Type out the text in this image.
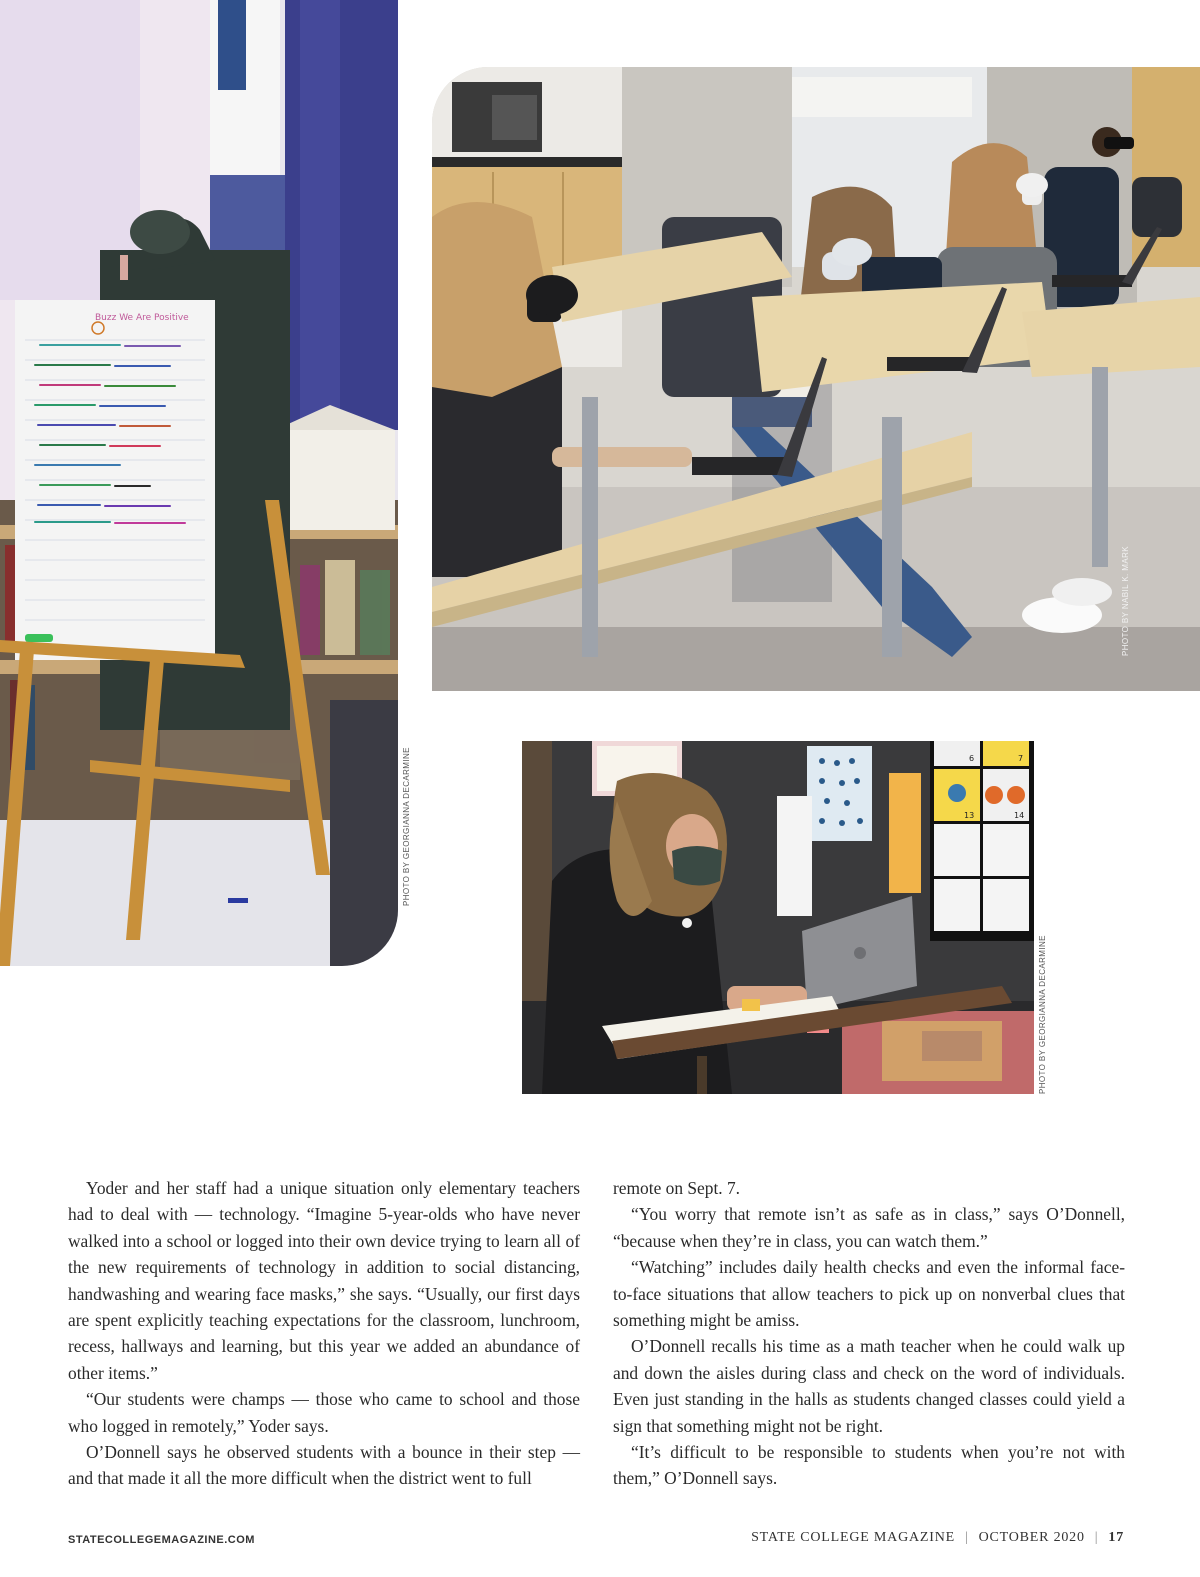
Buzz We Are Positive
PHOTO BY GEORGIANNA DECARMINE
PHOTO BY NABIL K. MARK
6	7
13	14
PHOTO BY GEORGIANNA DECARMINE

Yoder and her staff had a unique situation only elementary teachers had to deal with — technology. “Imagine 5-year-olds who have never walked into a school or logged into their own device trying to learn all of the new requirements of technology in addition to social distancing, handwashing and wearing face masks,” she says. “Usually, our first days are spent explicitly teaching expectations for the classroom, lunchroom, recess, hallways and learning, but this year we added an abundance of other items.”

“Our students were champs — those who came to school and those who logged in remotely,” Yoder says.

O’Donnell says he observed students with a bounce in their step — and that made it all the more difficult when the district went to full

remote on Sept. 7.

“You worry that remote isn’t as safe as in class,” says O’Donnell, “because when they’re in class, you can watch them.”

“Watching” includes daily health checks and even the informal face-to-face situations that allow teachers to pick up on nonverbal clues that something might be amiss.

O’Donnell recalls his time as a math teacher when he could walk up and down the aisles during class and check on the word of individuals. Even just standing in the halls as students changed classes could yield a sign that something might not be right.

“It’s difficult to be responsible to students when you’re not with them,” O’Donnell says.

STATECOLLEGEMAGAZINE.COM	STATE COLLEGE MAGAZINE | OCTOBER 2020 | 17
